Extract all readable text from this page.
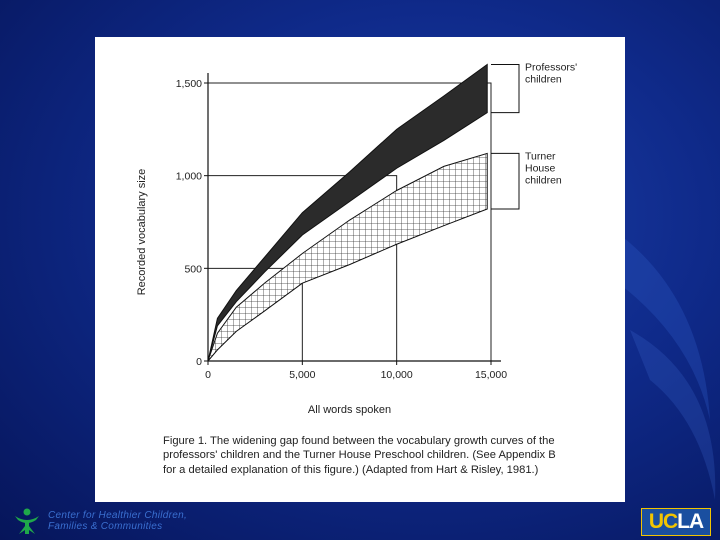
0	5,000	10,000	15,000
0
500
1,000
1,500
All words spoken
Recorded vocabulary size
Professors'
children
Turner
House
children
Figure 1. The widening gap found between the vocabulary growth curves of the professors' children and the Turner House Preschool children. (See Appendix B for a detailed explanation of this figure.) (Adapted from Hart & Risley, 1981.)
Center for Healthier Children,
Families & Communities	UC LA
